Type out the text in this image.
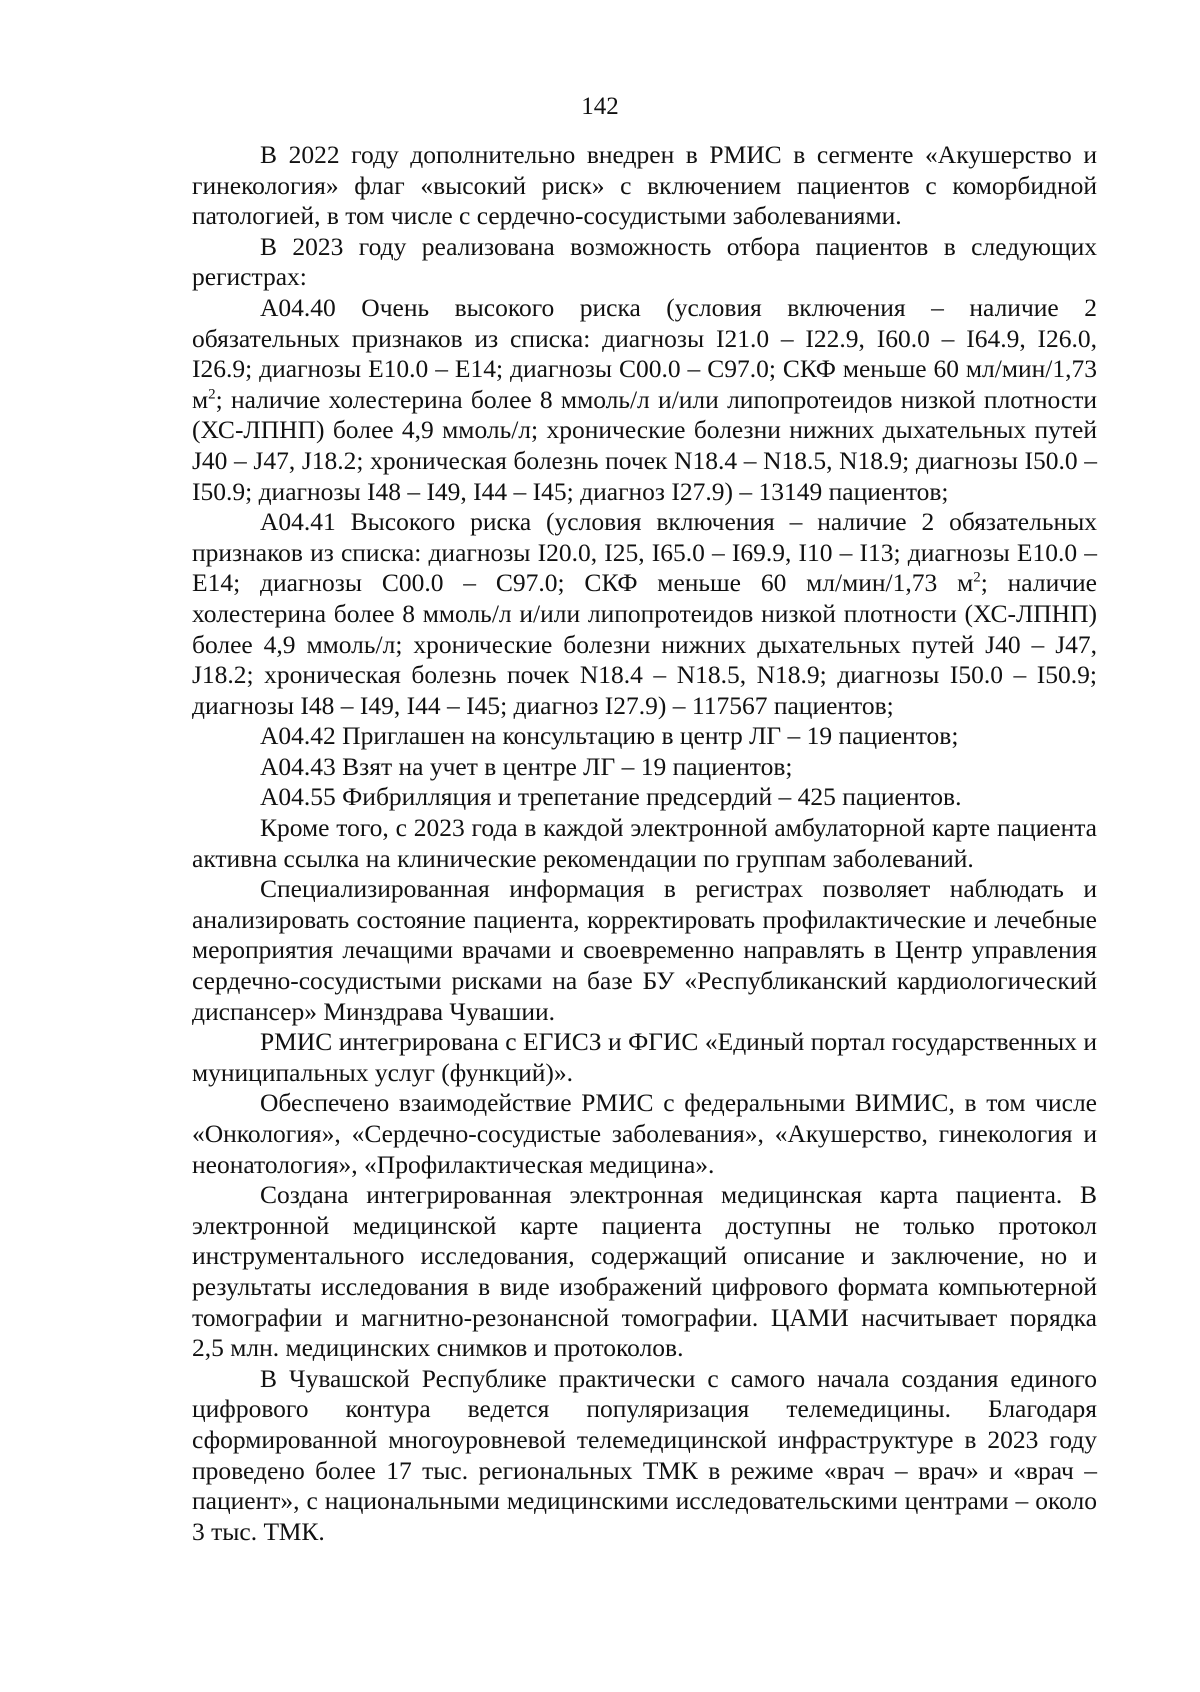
142

В 2022 году дополнительно внедрен в РМИС в сегменте «Акушерство и гинекология» флаг «высокий риск» с включением пациентов с коморбидной патологией, в том числе с сердечно-сосудистыми заболеваниями.

В 2023 году реализована возможность отбора пациентов в следующих регистрах:

А04.40 Очень высокого риска (условия включения – наличие 2 обязательных признаков из списка: диагнозы I21.0 – I22.9, I60.0 – I64.9, I26.0, I26.9; диагнозы Е10.0 – Е14; диагнозы С00.0 – С97.0; СКФ меньше 60 мл/мин/1,73 $м^2$; наличие холестерина более 8 ммоль/л и/или липопротеидов низкой плотности (ХС-ЛПНП) более 4,9 ммоль/л; хронические болезни нижних дыхательных путей J40 – J47, J18.2; хроническая болезнь почек N18.4 – N18.5, N18.9; диагнозы I50.0 – I50.9; диагнозы I48 – I49, I44 – I45; диагноз I27.9) – 13149 пациентов;

А04.41 Высокого риска (условия включения – наличие 2 обязательных признаков из списка: диагнозы I20.0, I25, I65.0 – I69.9, I10 – I13; диагнозы Е10.0 – Е14; диагнозы С00.0 – С97.0; СКФ меньше 60 мл/мин/1,73 $м^2$; наличие холестерина более 8 ммоль/л и/или липопротеидов низкой плотности (ХС-ЛПНП) более 4,9 ммоль/л; хронические болезни нижних дыхательных путей J40 – J47, J18.2; хроническая болезнь почек N18.4 – N18.5, N18.9; диагнозы I50.0 – I50.9; диагнозы I48 – I49, I44 – I45; диагноз I27.9) – 117567 пациентов;

А04.42 Приглашен на консультацию в центр ЛГ – 19 пациентов;

А04.43 Взят на учет в центре ЛГ – 19 пациентов;

А04.55 Фибрилляция и трепетание предсердий – 425 пациентов.

Кроме того, с 2023 года в каждой электронной амбулаторной карте пациента активна ссылка на клинические рекомендации по группам заболеваний.

Специализированная информация в регистрах позволяет наблюдать и анализировать состояние пациента, корректировать профилактические и лечебные мероприятия лечащими врачами и своевременно направлять в Центр управления сердечно-сосудистыми рисками на базе БУ «Республиканский кардиологический диспансер» Минздрава Чувашии.

РМИС интегрирована с ЕГИСЗ и ФГИС «Единый портал государственных и муниципальных услуг (функций)».

Обеспечено взаимодействие РМИС с федеральными ВИМИС, в том числе «Онкология», «Сердечно-сосудистые заболевания», «Акушерство, гинекология и неонатология», «Профилактическая медицина».

Создана интегрированная электронная медицинская карта пациента. В электронной медицинской карте пациента доступны не только протокол инструментального исследования, содержащий описание и заключение, но и результаты исследования в виде изображений цифрового формата компьютерной томографии и магнитно-резонансной томографии. ЦАМИ насчитывает порядка 2,5 млн. медицинских снимков и протоколов.

В Чувашской Республике практически с самого начала создания единого цифрового контура ведется популяризация телемедицины. Благодаря сформированной многоуровневой телемедицинской инфраструктуре в 2023 году проведено более 17 тыс. региональных ТМК в режиме «врач – врач» и «врач – пациент», с национальными медицинскими исследовательскими центрами – около 3 тыс. ТМК.
